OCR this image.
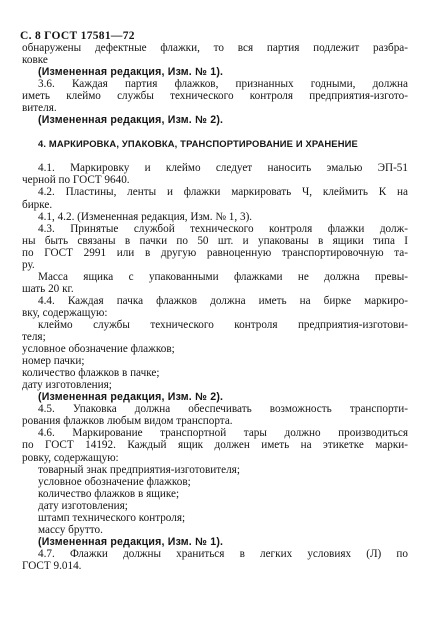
С. 8 ГОСТ 17581—72
обнаружены дефектные флажки, то вся партия подлежит разбра-
ковке
(Измененная редакция, Изм. № 1).
3.6. Каждая партия флажков, признанных годными, должна
иметь клеймо службы технического контроля предприятия-изгото-
вителя.
(Измененная редакция, Изм. № 2).
4. МАРКИРОВКА, УПАКОВКА, ТРАНСПОРТИРОВАНИЕ И ХРАНЕНИЕ
4.1. Маркировку и клеймо следует наносить эмалью ЭП-51
черной по ГОСТ 9640.
4.2. Пластины, ленты и флажки маркировать Ч, клеймить К на
бирке.
4.1, 4.2. (Измененная редакция, Изм. № 1, 3).
4.3. Принятые службой технического контроля флажки долж-
ны быть связаны в пачки по 50 шт. и упакованы в ящики типа I
по ГОСТ 2991 или в другую равноценную транспортировочную та-
ру.
Масса ящика с упакованными флажками не должна превы-
шать 20 кг.
4.4. Каждая пачка флажков должна иметь на бирке маркиро-
вку, содержащую:
клеймо службы технического контроля предприятия-изготови-
теля;
условное обозначение флажков;
номер пачки;
количество флажков в пачке;
дату изготовления;
(Измененная редакция, Изм. № 2).
4.5. Упаковка должна обеспечивать возможность транспорти-
рования флажков любым видом транспорта.
4.6. Маркирование транспортной тары должно производиться
по ГОСТ 14192. Каждый ящик должен иметь на этикетке марки-
ровку, содержащую:
товарный знак предприятия-изготовителя;
условное обозначение флажков;
количество флажков в ящике;
дату изготовления;
штамп технического контроля;
массу брутто.
(Измененная редакция, Изм. № 1).
4.7. Флажки должны храниться в легких условиях (Л) по
ГОСТ 9.014.
